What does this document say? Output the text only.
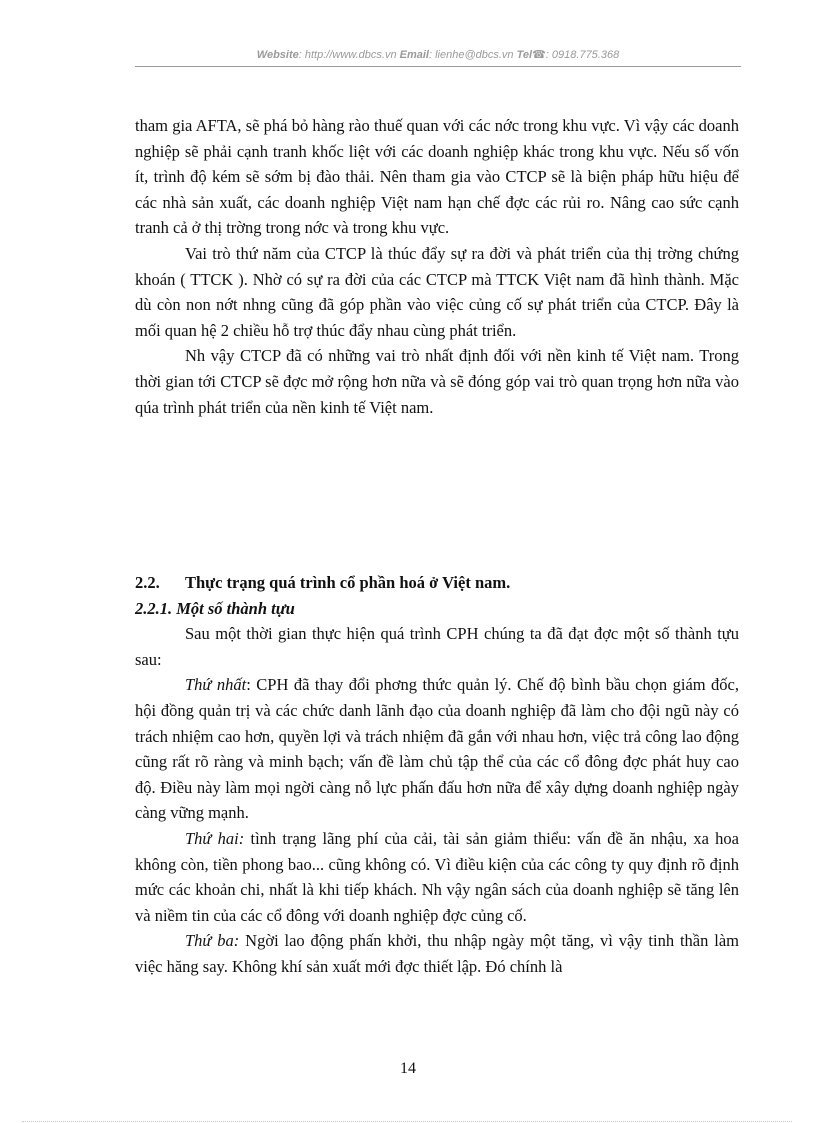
Website: http://www.dbcs.vn Email: lienhe@dbcs.vn Tel☎: 0918.775.368

tham gia AFTA, sẽ phá bỏ hàng rào thuế quan với các nớc trong khu vực. Vì vậy các doanh nghiệp sẽ phải cạnh tranh khốc liệt với các doanh nghiệp khác trong khu vực. Nếu số vốn ít, trình độ kém sẽ sớm bị đào thải. Nên tham gia vào CTCP sẽ là biện pháp hữu hiệu để các nhà sản xuất, các doanh nghiệp Việt nam hạn chế đợc các rủi ro. Nâng cao sức cạnh tranh cả ở thị trờng trong nớc và trong khu vực.

Vai trò thứ năm của CTCP là thúc đẩy sự ra đời và phát triển của thị trờng chứng khoán ( TTCK ). Nhờ có sự ra đời của các CTCP mà TTCK Việt nam đã hình thành. Mặc dù còn non nớt nhng cũng đã góp phần vào việc củng cố sự phát triển của CTCP. Đây là mối quan hệ 2 chiều hỗ trợ thúc đẩy nhau cùng phát triển.

Nh vậy CTCP đã có những vai trò nhất định đối với nền kinh tế Việt nam. Trong thời gian tới CTCP sẽ đợc mở rộng hơn nữa và sẽ đóng góp vai trò quan trọng hơn nữa vào qúa trình phát triển của nền kinh tế Việt nam.

2.2. Thực trạng quá trình cổ phần hoá ở Việt nam.

2.2.1. Một số thành tựu

Sau một thời gian thực hiện quá trình CPH chúng ta đã đạt đợc một số thành tựu sau:

Thứ nhất: CPH đã thay đổi phơng thức quản lý. Chế độ bình bầu chọn giám đốc, hội đồng quản trị và các chức danh lãnh đạo của doanh nghiệp đã làm cho đội ngũ này có trách nhiệm cao hơn, quyền lợi và trách nhiệm đã gắn với nhau hơn, việc trả công lao động cũng rất rõ ràng và minh bạch; vấn đề làm chủ tập thể của các cổ đông đợc phát huy cao độ. Điều này làm mọi ngời càng nỗ lực phấn đấu hơn nữa để xây dựng doanh nghiệp ngày càng vững mạnh.

Thứ hai: tình trạng lãng phí của cải, tài sản giảm thiểu: vấn đề ăn nhậu, xa hoa không còn, tiền phong bao... cũng không có. Vì điều kiện của các công ty quy định rõ định mức các khoản chi, nhất là khi tiếp khách. Nh vậy ngân sách của doanh nghiệp sẽ tăng lên và niềm tin của các cổ đông với doanh nghiệp đợc củng cố.

Thứ ba: Ngời lao động phấn khởi, thu nhập ngày một tăng, vì vậy tinh thần làm việc hăng say. Không khí sản xuất mới đợc thiết lập. Đó chính là

14
